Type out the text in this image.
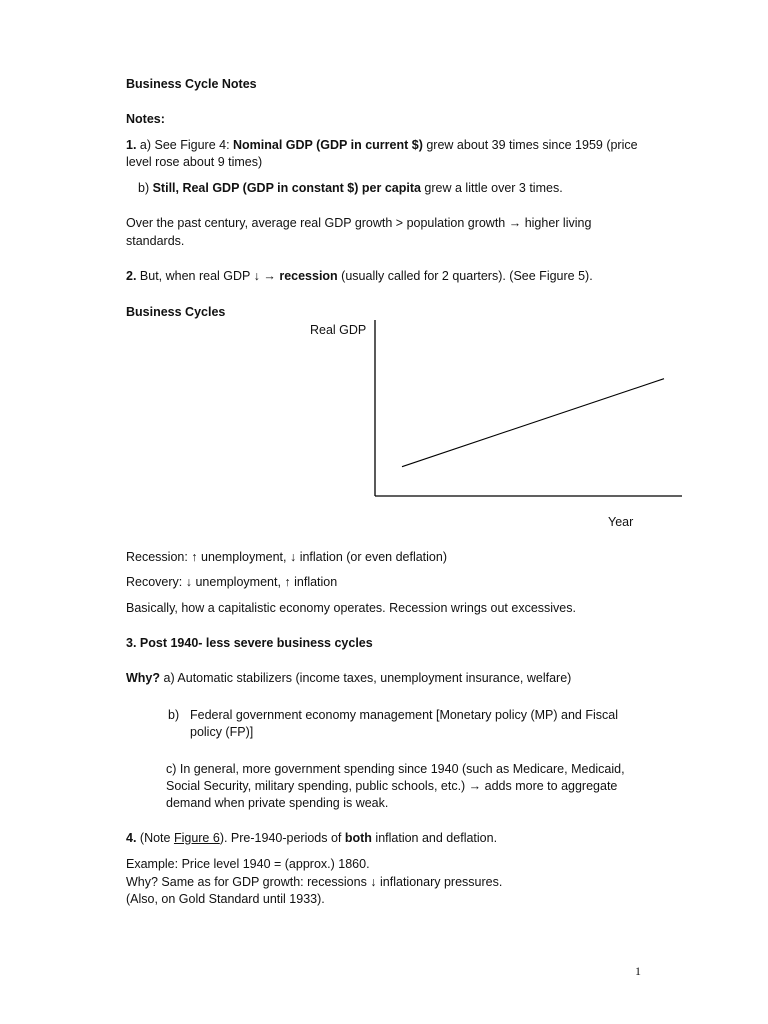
Business Cycle Notes
Notes:
1. a) See Figure 4: Nominal GDP (GDP in current $) grew about 39 times since 1959 (price
level rose about 9 times)
b) Still, Real GDP (GDP in constant $) per capita grew a little over 3 times.
Over the past century, average real GDP growth > population growth → higher living
standards.
2. But, when real GDP ↓ → recession (usually called for 2 quarters). (See Figure 5).
Business Cycles
Real GDP
Year
Recession: ↑ unemployment, ↓ inflation (or even deflation)
Recovery: ↓ unemployment, ↑ inflation
Basically, how a capitalistic economy operates. Recession wrings out excessives.
3. Post 1940- less severe business cycles
Why? a) Automatic stabilizers (income taxes, unemployment insurance, welfare)
b) Federal government economy management [Monetary policy (MP) and Fiscal
policy (FP)]
c) In general, more government spending since 1940 (such as Medicare, Medicaid,
Social Security, military spending, public schools, etc.) → adds more to aggregate
demand when private spending is weak.
4. (Note Figure 6). Pre-1940-periods of both inflation and deflation.
Example: Price level 1940 = (approx.) 1860.
Why? Same as for GDP growth: recessions ↓ inflationary pressures.
(Also, on Gold Standard until 1933).
1
